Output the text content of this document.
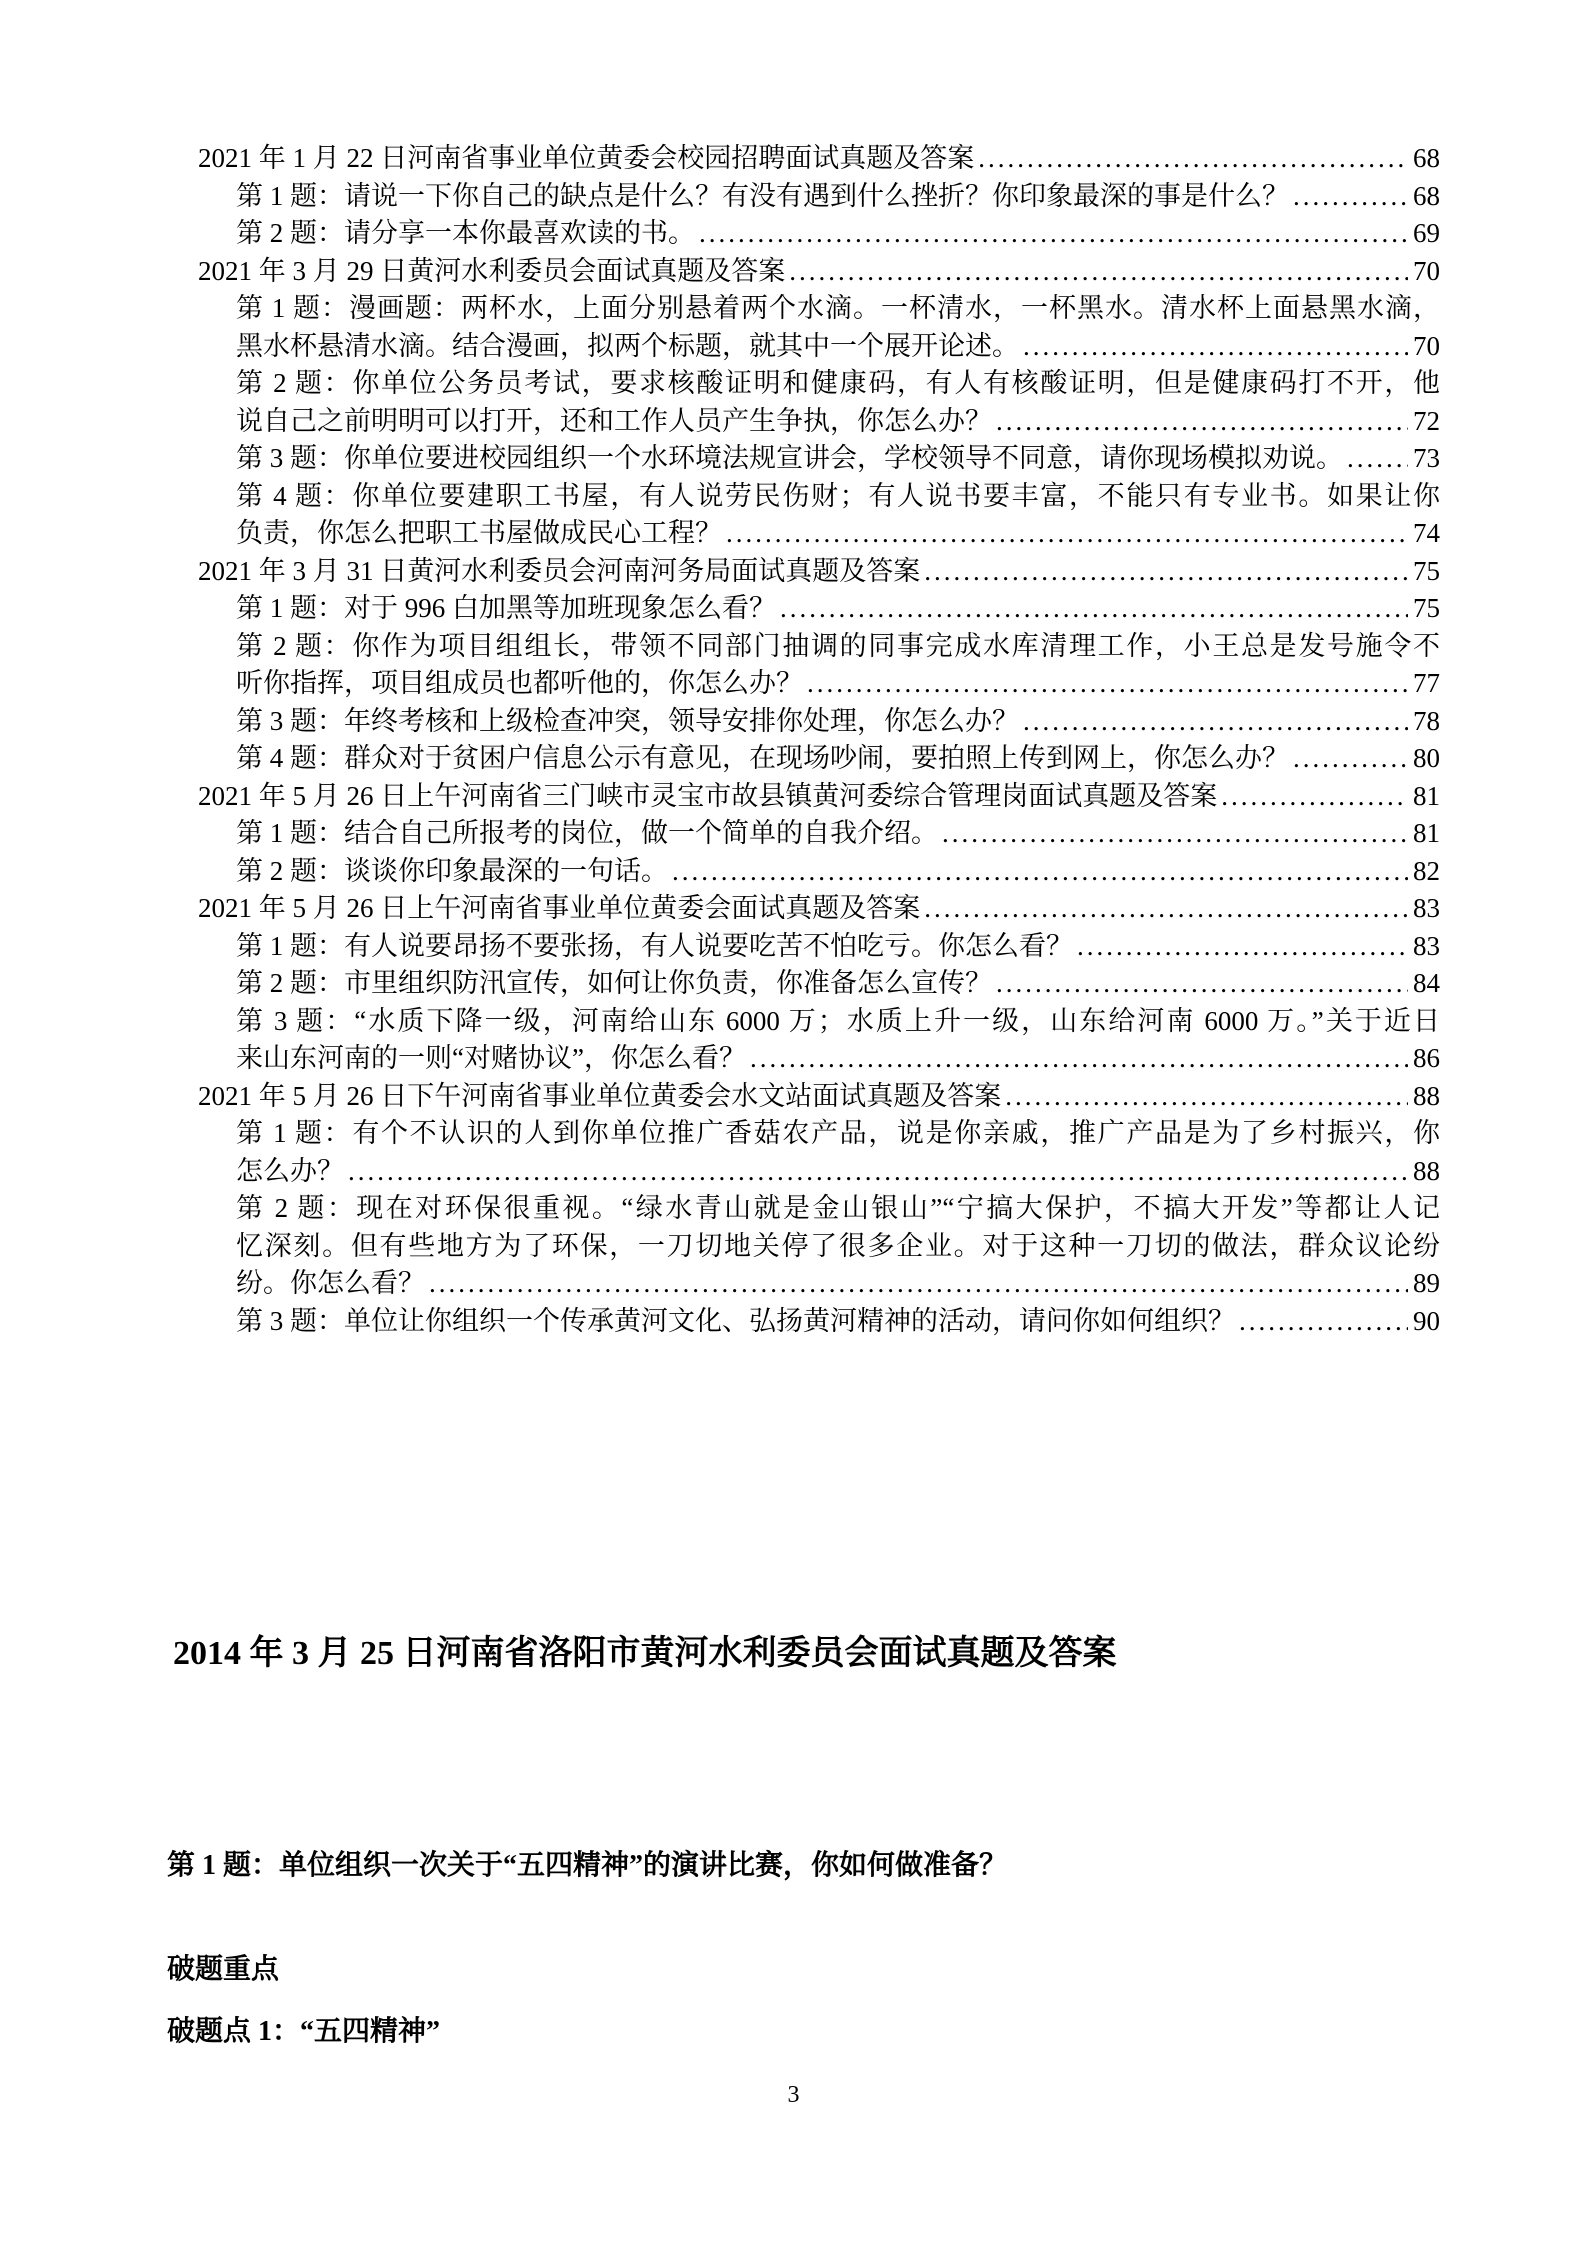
2021 年 1 月 22 日河南省事业单位黄委会校园招聘面试真题及答案 .....	68
第 1 题：请说一下你自己的缺点是什么？有没有遇到什么挫折？你印象最深的事是什么？ .....	68
第 2 题：请分享一本你最喜欢读的书。 .....	69
2021 年 3 月 29 日黄河水利委员会面试真题及答案 .....	70
第 1 题：漫画题：两杯水，上面分别悬着两个水滴。一杯清水，一杯黑水。清水杯上面悬黑水滴，
黑水杯悬清水滴。结合漫画，拟两个标题，就其中一个展开论述。 .....	70
第 2 题：你单位公务员考试，要求核酸证明和健康码，有人有核酸证明，但是健康码打不开，他
说自己之前明明可以打开，还和工作人员产生争执，你怎么办？ .....	72
第 3 题：你单位要进校园组织一个水环境法规宣讲会，学校领导不同意，请你现场模拟劝说。 .....	73
第 4 题：你单位要建职工书屋，有人说劳民伤财；有人说书要丰富，不能只有专业书。如果让你
负责，你怎么把职工书屋做成民心工程？ .....	74
2021 年 3 月 31 日黄河水利委员会河南河务局面试真题及答案 .....	75
第 1 题：对于 996 白加黑等加班现象怎么看？ .....	75
第 2 题：你作为项目组组长，带领不同部门抽调的同事完成水库清理工作，小王总是发号施令不
听你指挥，项目组成员也都听他的，你怎么办？ .....	77
第 3 题：年终考核和上级检查冲突，领导安排你处理，你怎么办？ .....	78
第 4 题：群众对于贫困户信息公示有意见，在现场吵闹，要拍照上传到网上，你怎么办？ .....	80
2021 年 5 月 26 日上午河南省三门峡市灵宝市故县镇黄河委综合管理岗面试真题及答案 .....	81
第 1 题：结合自己所报考的岗位，做一个简单的自我介绍。 .....	81
第 2 题：谈谈你印象最深的一句话。 .....	82
2021 年 5 月 26 日上午河南省事业单位黄委会面试真题及答案 .....	83
第 1 题：有人说要昂扬不要张扬，有人说要吃苦不怕吃亏。你怎么看？ .....	83
第 2 题：市里组织防汛宣传，如何让你负责，你准备怎么宣传？ .....	84
第 3 题：“水质下降一级，河南给山东 6000 万；水质上升一级，山东给河南 6000 万。”关于近日
来山东河南的一则“对赌协议”，你怎么看？ .....	86
2021 年 5 月 26 日下午河南省事业单位黄委会水文站面试真题及答案 .....	88
第 1 题：有个不认识的人到你单位推广香菇农产品，说是你亲戚，推广产品是为了乡村振兴，你
怎么办？ .....	88
第 2 题：现在对环保很重视。“绿水青山就是金山银山”“宁搞大保护，不搞大开发”等都让人记
忆深刻。但有些地方为了环保，一刀切地关停了很多企业。对于这种一刀切的做法，群众议论纷
纷。你怎么看？ .....	89
第 3 题：单位让你组织一个传承黄河文化、弘扬黄河精神的活动，请问你如何组织？ .....	90
2014 年 3 月 25 日河南省洛阳市黄河水利委员会面试真题及答案
第 1 题：单位组织一次关于“五四精神”的演讲比赛，你如何做准备？
破题重点
破题点 1：“五四精神”
3
